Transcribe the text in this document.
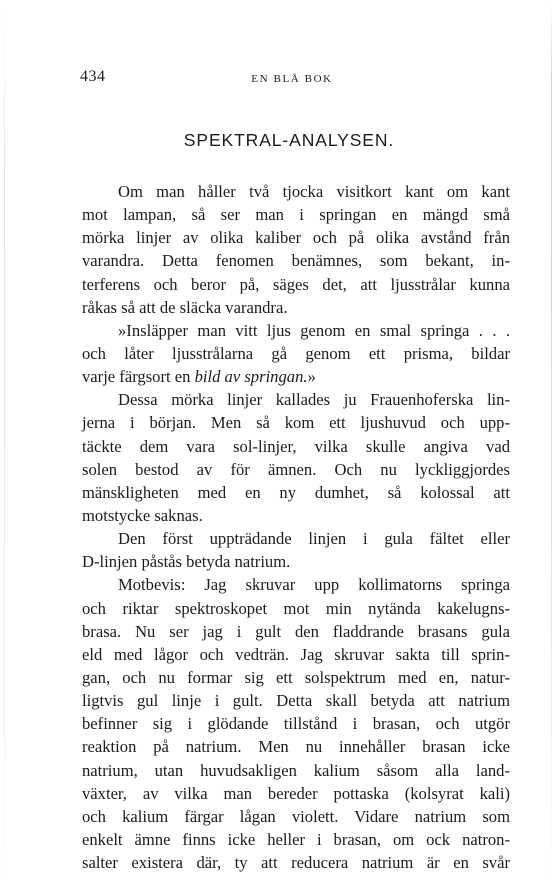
434	EN BLÅ BOK
SPEKTRAL-ANALYSEN.
Om man håller två tjocka visitkort kant om kant
mot lampan, så ser man i springan en mängd små
mörka linjer av olika kaliber och på olika avstånd från
varandra. Detta fenomen benämnes, som bekant, in-
terferens och beror på, säges det, att ljusstrålar kunna
råkas så att de släcka varandra.
»Insläpper man vitt ljus genom en smal springa . . .
och låter ljusstrålarna gå genom ett prisma, bildar
varje färgsort en bild av springan.»
Dessa mörka linjer kallades ju Frauenhoferska lin-
jerna i början. Men så kom ett ljushuvud och upp-
täckte dem vara sol-linjer, vilka skulle angiva vad
solen bestod av för ämnen. Och nu lyckliggjordes
mänskligheten med en ny dumhet, så kolossal att
motstycke saknas.
Den först uppträdande linjen i gula fältet eller
D-linjen påstås betyda natrium.
Motbevis: Jag skruvar upp kollimatorns springa
och riktar spektroskopet mot min nytända kakelugns-
brasa. Nu ser jag i gult den fladdrande brasans gula
eld med lågor och vedträn. Jag skruvar sakta till sprin-
gan, och nu formar sig ett solspektrum med en, natur-
ligtvis gul linje i gult. Detta skall betyda att natrium
befinner sig i glödande tillstånd i brasan, och utgör
reaktion på natrium. Men nu innehåller brasan icke
natrium, utan huvudsakligen kalium såsom alla land-
växter, av vilka man bereder pottaska (kolsyrat kali)
och kalium färgar lågan violett. Vidare natrium som
enkelt ämne finns icke heller i brasan, om ock natron-
salter existera där, ty att reducera natrium är en svår
